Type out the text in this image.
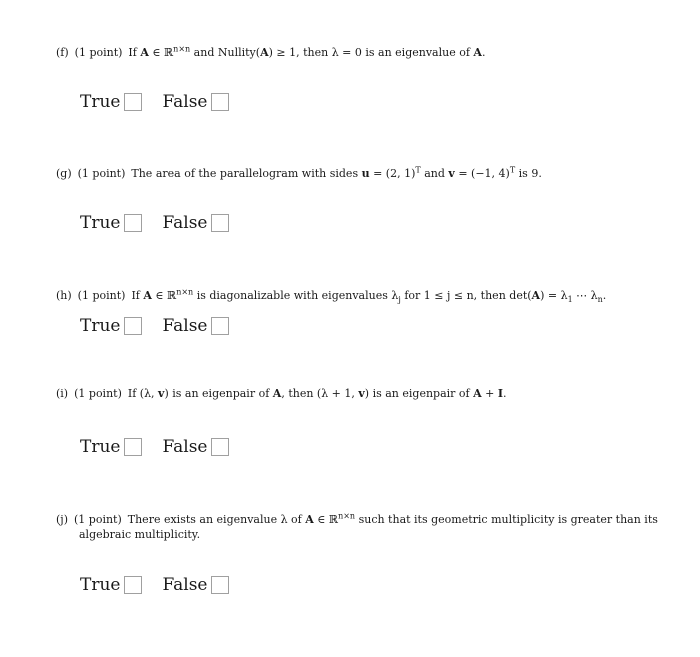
(f) (1 point) If A ∈ ℝ$^{n\times n}$ and Nullity(A) ≥ 1, then λ = 0 is an eigenvalue of A.
True False
(g) (1 point) The area of the parallelogram with sides u = (2, 1)$^T$ and v = (−1, 4)$^T$ is 9.
True False
(h) (1 point) If A ∈ ℝ$^{n\times n}$ is diagonalizable with eigenvalues $\lambda_j$ for 1 ≤ j ≤ n, then $\det(A) = \lambda_1$ ⋯ $\lambda_n$.
True False
(i) (1 point) If (λ, v) is an eigenpair of A, then (λ + 1, v) is an eigenpair of A + I.
True False
(j) (1 point) There exists an eigenvalue λ of A ∈ ℝ$^{n\times n}$ such that its geometric multiplicity is greater than its
algebraic multiplicity.
True False
